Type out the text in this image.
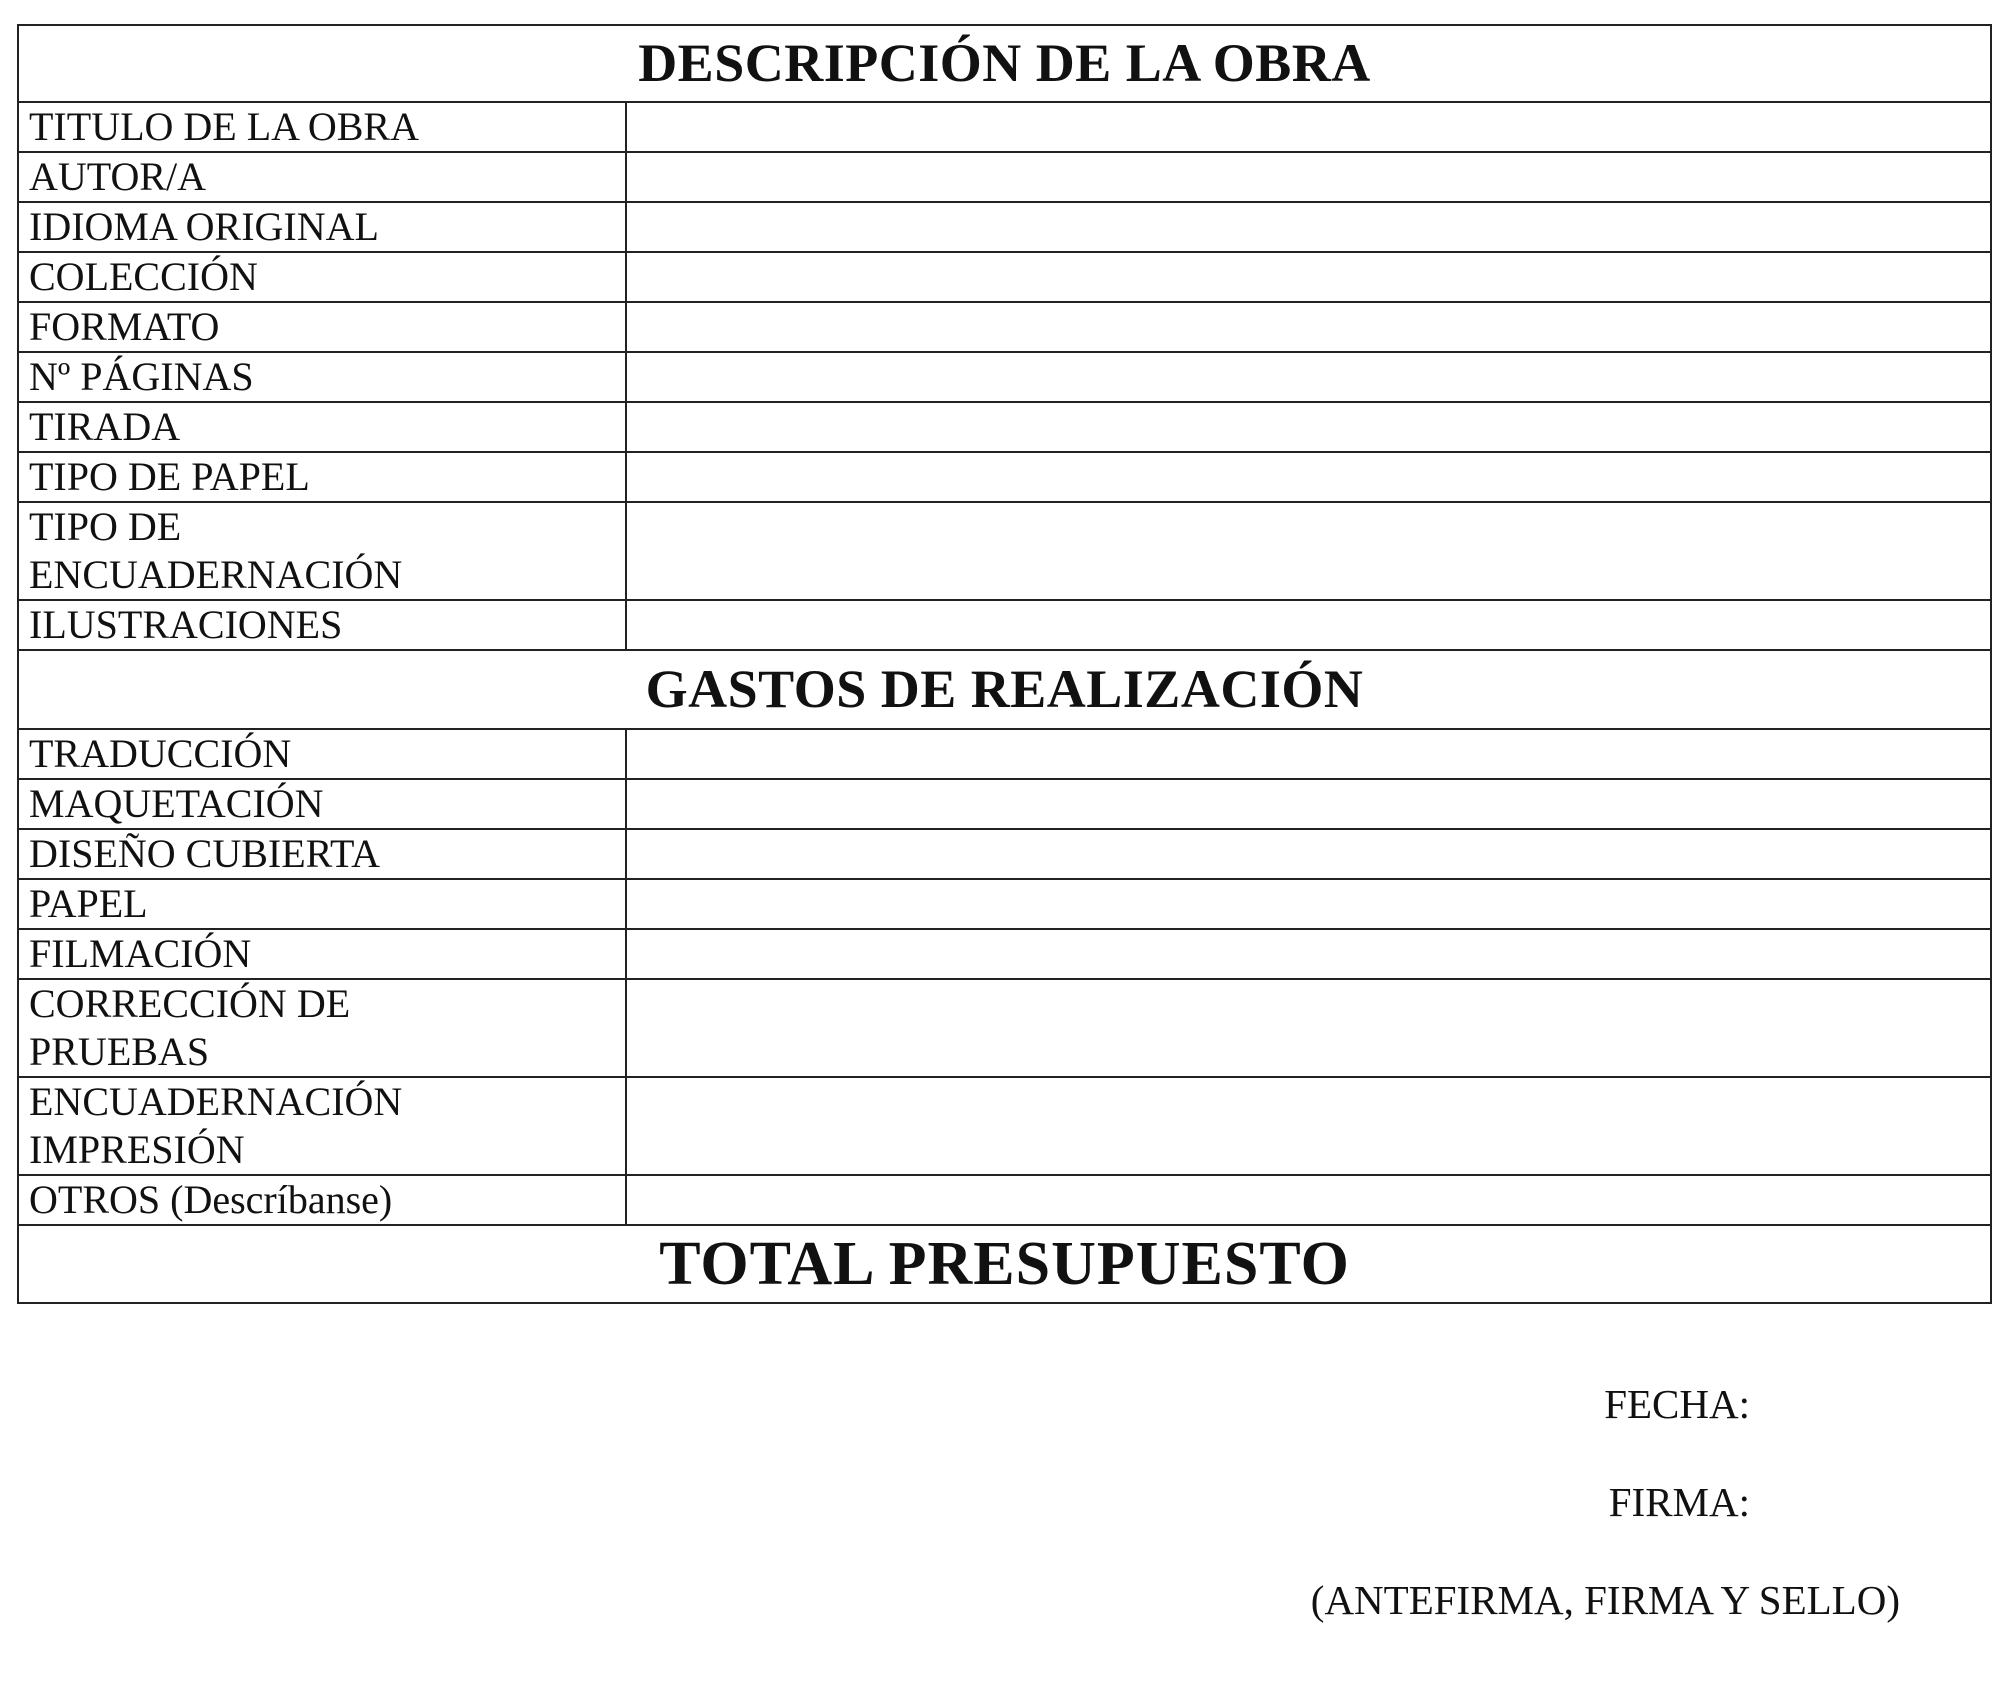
DESCRIPCIÓN DE LA OBRA	
TITULO DE LA OBRA	
AUTOR/A	
IDIOMA ORIGINAL	
COLECCIÓN	
FORMATO	
Nº PÁGINAS	
TIRADA	
TIPO DE PAPEL	
TIPO DE
ENCUADERNACIÓN	
ILUSTRACIONES	
GASTOS DE REALIZACIÓN	
TRADUCCIÓN	
MAQUETACIÓN	
DISEÑO CUBIERTA	
PAPEL	
FILMACIÓN	
CORRECCIÓN DE
PRUEBAS	
ENCUADERNACIÓN
IMPRESIÓN	
OTROS (Descríbanse)	
TOTAL PRESUPUESTO	
FECHA:
FIRMA:
(ANTEFIRMA, FIRMA Y SELLO)
